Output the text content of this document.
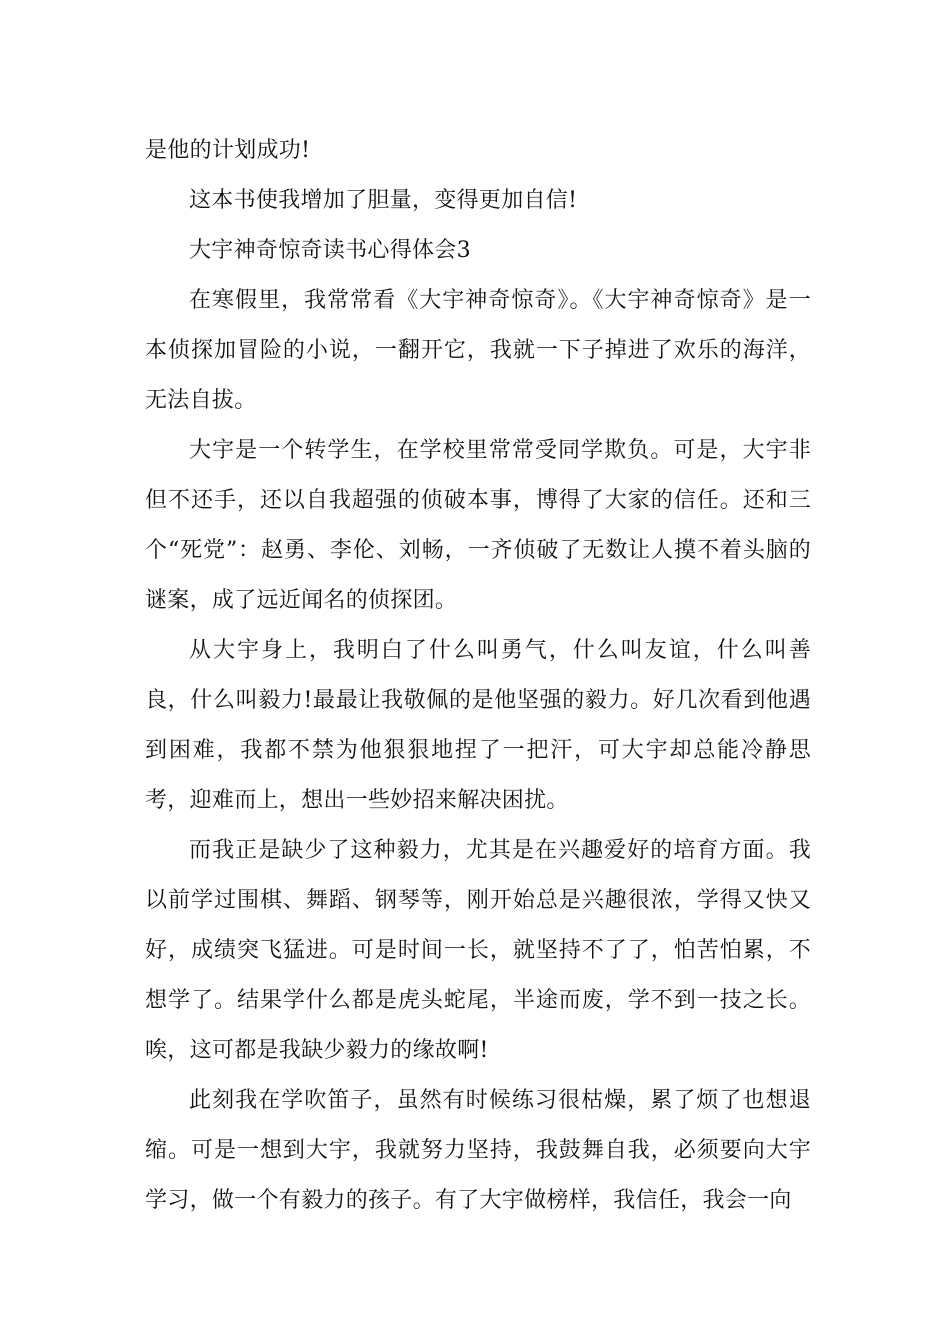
是他的计划成功!

这本书使我增加了胆量，变得更加自信!

大宇神奇惊奇读书心得体会3

在寒假里，我常常看《大宇神奇惊奇》。《大宇神奇惊奇》是一本侦探加冒险的小说，一翻开它，我就一下子掉进了欢乐的海洋，无法自拔。

大宇是一个转学生，在学校里常常受同学欺负。可是，大宇非但不还手，还以自我超强的侦破本事，博得了大家的信任。还和三个“死党”：赵勇、李伦、刘畅，一齐侦破了无数让人摸不着头脑的谜案，成了远近闻名的侦探团。

从大宇身上，我明白了什么叫勇气，什么叫友谊，什么叫善良，什么叫毅力!最最让我敬佩的是他坚强的毅力。好几次看到他遇到困难，我都不禁为他狠狠地捏了一把汗，可大宇却总能冷静思考，迎难而上，想出一些妙招来解决困扰。

而我正是缺少了这种毅力，尤其是在兴趣爱好的培育方面。我以前学过围棋、舞蹈、钢琴等，刚开始总是兴趣很浓，学得又快又好，成绩突飞猛进。可是时间一长，就坚持不了了，怕苦怕累，不想学了。结果学什么都是虎头蛇尾，半途而废，学不到一技之长。唉，这可都是我缺少毅力的缘故啊!

此刻我在学吹笛子，虽然有时候练习很枯燥，累了烦了也想退缩。可是一想到大宇，我就努力坚持，我鼓舞自我，必须要向大宇学习，做一个有毅力的孩子。有了大宇做榜样，我信任，我会一向
